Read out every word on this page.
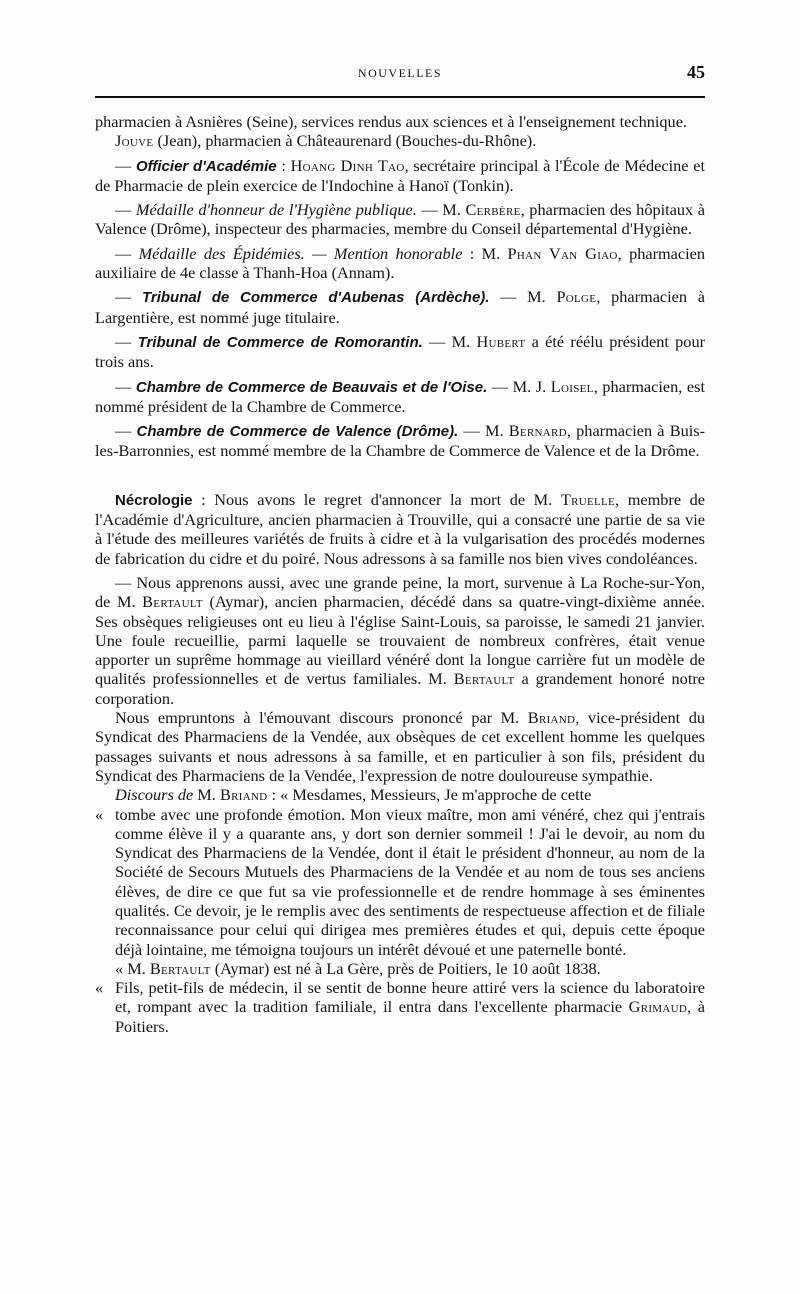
NOUVELLES	45

pharmacien à Asnières (Seine), services rendus aux sciences et à l'enseignement technique.

Jouve (Jean), pharmacien à Châteaurenard (Bouches-du-Rhône).

— Officier d'Académie : Hoang Dinh Tao, secrétaire principal à l'École de Médecine et de Pharmacie de plein exercice de l'Indochine à Hanoï (Tonkin).

— Médaille d'honneur de l'Hygiène publique. — M. Cerbère, pharmacien des hôpitaux à Valence (Drôme), inspecteur des pharmacies, membre du Conseil départemental d'Hygiène.

— Médaille des Épidémies. — Mention honorable : M. Phan Van Giao, pharmacien auxiliaire de 4e classe à Thanh-Hoa (Annam).

— Tribunal de Commerce d'Aubenas (Ardèche). — M. Polge, pharmacien à Largentière, est nommé juge titulaire.

— Tribunal de Commerce de Romorantin. — M. Hubert a été réélu président pour trois ans.

— Chambre de Commerce de Beauvais et de l'Oise. — M. J. Loisel, pharmacien, est nommé président de la Chambre de Commerce.

— Chambre de Commerce de Valence (Drôme). — M. Bernard, pharmacien à Buis-les-Barronnies, est nommé membre de la Chambre de Commerce de Valence et de la Drôme.

Nécrologie : Nous avons le regret d'annoncer la mort de M. Truelle, membre de l'Académie d'Agriculture, ancien pharmacien à Trouville, qui a consacré une partie de sa vie à l'étude des meilleures variétés de fruits à cidre et à la vulgarisation des procédés modernes de fabrication du cidre et du poiré. Nous adressons à sa famille nos bien vives condoléances.

— Nous apprenons aussi, avec une grande peine, la mort, survenue à La Roche-sur-Yon, de M. Bertault (Aymar), ancien pharmacien, décédé dans sa quatre-vingt-dixième année. Ses obsèques religieuses ont eu lieu à l'église Saint-Louis, sa paroisse, le samedi 21 janvier. Une foule recueillie, parmi laquelle se trouvaient de nombreux confrères, était venue apporter un suprême hommage au vieillard vénéré dont la longue carrière fut un modèle de qualités professionnelles et de vertus familiales. M. Bertault a grandement honoré notre corporation.

Nous empruntons à l'émouvant discours prononcé par M. Briand, vice-président du Syndicat des Pharmaciens de la Vendée, aux obsèques de cet excellent homme les quelques passages suivants et nous adressons à sa famille, et en particulier à son fils, président du Syndicat des Pharmaciens de la Vendée, l'expression de notre douloureuse sympathie.

Discours de M. Briand : « Mesdames, Messieurs, Je m'approche de cette

«tombe avec une profonde émotion. Mon vieux maître, mon ami vénéré, chez qui j'entrais comme élève il y a quarante ans, y dort son dernier sommeil ! J'ai le devoir, au nom du Syndicat des Pharmaciens de la Vendée, dont il était le président d'honneur, au nom de la Société de Secours Mutuels des Pharmaciens de la Vendée et au nom de tous ses anciens élèves, de dire ce que fut sa vie professionnelle et de rendre hommage à ses éminentes qualités. Ce devoir, je le remplis avec des sentiments de respectueuse affection et de filiale reconnaissance pour celui qui dirigea mes premières études et qui, depuis cette époque déjà lointaine, me témoigna toujours un intérêt dévoué et une paternelle bonté.

« M. Bertault (Aymar) est né à La Gère, près de Poitiers, le 10 août 1838.

«Fils, petit-fils de médecin, il se sentit de bonne heure attiré vers la science du laboratoire et, rompant avec la tradition familiale, il entra dans l'excellente pharmacie Grimaud, à Poitiers.
